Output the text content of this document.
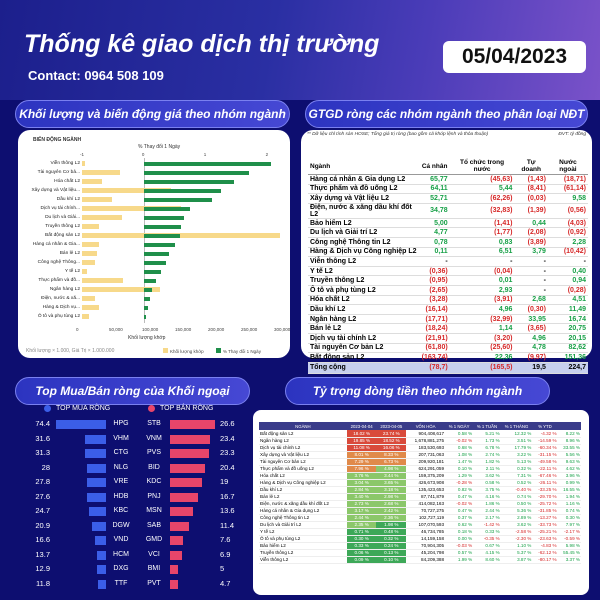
Thống kê giao dịch thị trường
Contact: 0964 508 109
05/04/2023
Khối lượng và biến động giá theo nhóm ngành
BIẾN ĐỘNG NGÀNH
% Thay đổi 1 Ngày
Khối lượng khớp
Khối lượng × 1.000, Giá Trị × 1.000.000	Khối lượng khớp	% Thay đổi 1 Ngày
-1	0	1	2
0	50,000	100,000	150,000	200,000	250,000	300,000
Viễn thông L2
Tài nguyên Cơ bả...
Hóa chất L2
Xây dựng và Vật liệu...
Dầu khí L2
Dịch vụ tài chính...
Du lịch và Giải...
Truyền thông L2
Bất động sản L2
Hàng cá nhân & Gia...
Bán lẻ L2
Công nghệ Thông...
Y tế L2
Thực phẩm và đồ...
Ngân hàng L2
Điện, nước & xă...
Hàng & Dịch vụ...
Ô tô và phụ tùng L2
GTGD ròng các nhóm ngành theo phân loại NĐT
** Dữ liệu chỉ tính sàn HOSE; Tổng giá trị ròng (bao gồm cả khớp lệnh và thỏa thuận)	ĐVT: tỷ đồng
Ngành	Cá nhân	Tổ chức trong nước	Tự doanh	Nước ngoài
Hàng cá nhân & Gia dụng L2	65,77	(45,63)	(1,43)	(18,71)
Thực phẩm và đồ uống L2	64,11	5,44	(8,41)	(61,14)
Xây dựng và Vật liệu L2	52,71	(62,26)	(0,03)	9,58
Điện, nước & xăng dầu khí đốt L2	34,78	(32,83)	(1,39)	(0,56)
Bảo hiểm L2	5,00	(1,41)	0,44	(4,03)
Du lịch và Giải trí L2	4,77	(1,77)	(2,08)	(0,92)
Công nghệ Thông tin L2	0,78	0,83	(3,89)	2,28
Hàng & Dịch vụ Công nghiệp L2	0,11	6,51	3,79	(10,42)
Viễn thông L2	-	-	-	-
Y tế L2	(0,36)	(0,04)	-	0,40
Truyền thông L2	(0,95)	0,01	-	0,94
Ô tô và phụ tùng L2	(2,65)	2,93	-	(0,28)
Hóa chất L2	(3,28)	(3,91)	2,68	4,51
Dầu khí L2	(16,14)	4,96	(0,30)	11,49
Ngân hàng L2	(17,71)	(32,99)	33,95	16,74
Bán lẻ L2	(18,24)	1,14	(3,65)	20,75
Dịch vụ tài chính L2	(21,91)	(3,20)	4,96	20,15
Tài nguyên Cơ bản L2	(61,80)	(25,60)	4,78	82,62
Bất động sản L2	(163,74)	22,36	(9,97)	151,36
Tổng cộng	(78,7)	(165,5)	19,5	224,7
Top Mua/Bán ròng của Khối ngoại
TOP MUA RÒNG	TOP BÁN RÒNG
74.4	HPG
31.6	VHM
31.3	CTG
28	NLG
27.8	VRE
27.6	HDB
24.7	KBC
20.9	DGW
16.6	VND
13.7	HCM
12.9	DXG
11.8	TTF
STB	26.6
VNM	23.4
PVS	23.3
BID	20.4
KDC	19
PNJ	16.7
MSN	13.6
SAB	11.4
GMD	7.6
VCI	6.9
BMI	5
PVT	4.7
Tỷ trọng dòng tiền theo nhóm ngành
NGÀNH	2023-04-04	2023-04-05	VỐN HÓA	% 1 NGÀY	% 1 TUẦN	% 1 THÁNG	% YTD	
Bất động sản L2	18.02 %	23.74 %	904,408,617	0.58 %	5.21 %	12.32 %	-4.32 %	8.22 %
Ngân hàng L2	19.85 %	18.52 %	1,678,881,275	-0.02 %	1.73 %	3.51 %	-14.59 %	8.96 %
Dịch vụ tài chính L2	11.08 %	16.06 %	183,530,693	0.68 %	6.78 %	17.79 %	-60.34 %	33.55 %
Xây dựng và Vật liệu L2	8.01 %	8.33 %	207,731,063	1.08 %	2.74 %	3.22 %	-31.15 %	5.56 %
Tài nguyên Cơ bản L2	7.29 %	6.73 %	209,920,181	1.47 %	1.82 %	5.13 %	-49.58 %	9.63 %
Thực phẩm và đồ uống L2	7.96 %	4.98 %	624,291,059	0.10 %	2.11 %	0.32 %	-22.11 %	4.62 %
Hóa chất L2	3.76 %	3.44 %	159,375,209	1.29 %	3.62 %	7.31 %	-67.46 %	3.96 %
Hàng & Dịch vụ Công nghiệp L2	3.04 %	3.65 %	426,673,908	-0.28 %	0.58 %	0.52 %	-26.11 %	0.99 %
Dầu khí L2	2.84 %	3.18 %	135,423,653	0.82 %	3.75 %	-0.40 %	-33.25 %	16.55 %
Bán lẻ L2	3.40 %	2.98 %	87,741,879	0.47 %	4.16 %	0.74 %	-29.70 %	1.94 %
Điện, nước & xăng dầu khí đốt L2	2.73 %	2.68 %	414,082,163	-0.02 %	1.86 %	0.50 %	-25.72 %	1.16 %
Hàng cá nhân & Gia dụng L2	3.17 %	2.42 %	70,727,275	0.47 %	2.44 %	5.36 %	-31.85 %	0.74 %
Công nghệ Thông tin L2	2.44 %	2.36 %	102,727,119	0.37 %	2.17 %	2.89 %	-13.27 %	0.30 %
Du lịch và Giải trí L2	2.35 %	1.98 %	107,070,593	0.62 %	-1.42 %	3.62 %	-33.73 %	7.97 %
Y tế L2	0.71 %	0.48 %	46,734,785	0.18 %	0.33 %	-2.58 %	-25.21 %	-2.17 %
Ô tô và phụ tùng L2	0.30 %	0.32 %	14,159,158	0.00 %	-0.35 %	-2.30 %	-23.63 %	-0.59 %
Bảo hiểm L2	0.33 %	0.24 %	70,904,305	-0.03 %	0.67 %	1.10 %	-4.83 %	5.98 %
Truyền thông L2	0.06 %	0.13 %	45,204,798	0.57 %	4.15 %	5.37 %	-62.12 %	55.45 %
Viễn thông L2	0.09 %	0.10 %	84,209,388	1.99 %	8.60 %	3.87 %	-80.17 %	3.37 %
